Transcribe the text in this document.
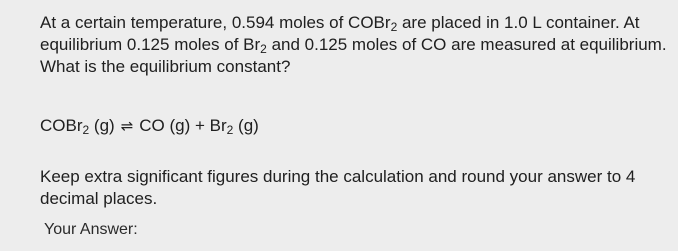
At a certain temperature, 0.594 moles of COBr$_2$ are placed in 1.0 L container. At
equilibrium 0.125 moles of $Br_2$ and 0.125 moles of CO are measured at equilibrium.
What is the equilibrium constant?
COBr$_2$ (g) ⇌ CO $(g) + Br_2$ (g)
Keep extra significant figures during the calculation and round your answer to 4
decimal places.
Your Answer:
